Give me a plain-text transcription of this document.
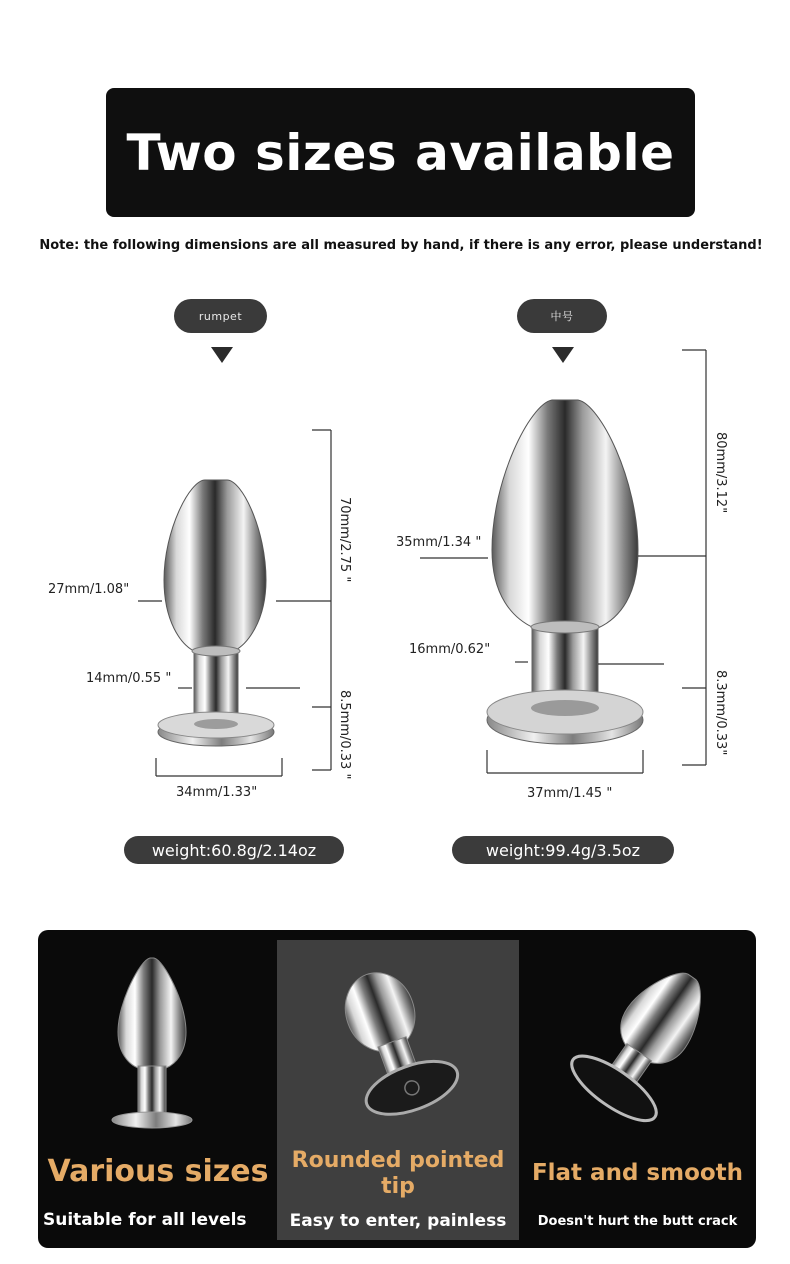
Two sizes available
Note: the following dimensions are all measured by hand, if there is any error, please understand!
rumpet
70mm/2.75 "
8.5mm/0.33 "
27mm/1.08"
14mm/0.55 "
34mm/1.33"
weight:60.8g/2.14oz
中号
80mm/3.12"
8.3mm/0.33"
35mm/1.34 "
16mm/0.62"
37mm/1.45 "
weight:99.4g/3.5oz
Various sizes
Suitable for all levels
Rounded pointed tip
Easy to enter, painless
Flat and smooth
Doesn't hurt the butt crack
